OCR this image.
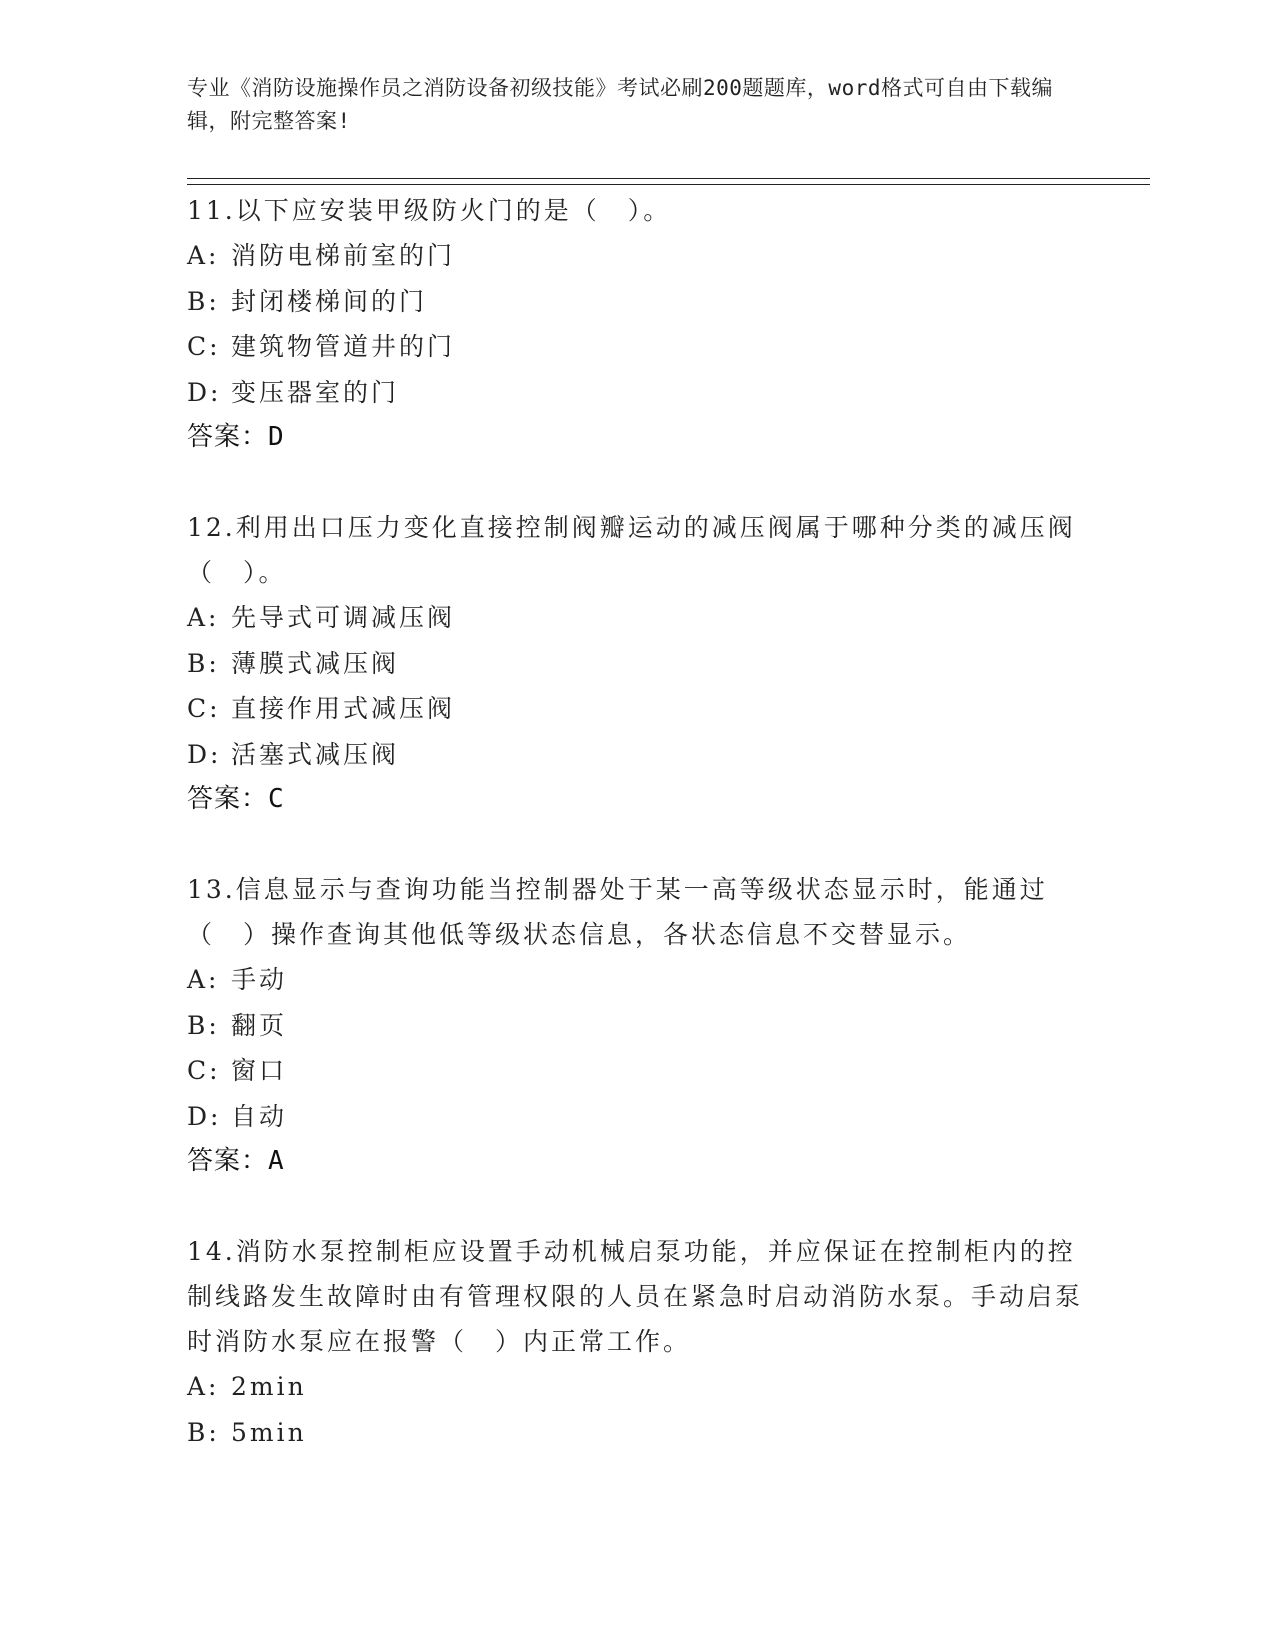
专业《消防设施操作员之消防设备初级技能》考试必刷200题题库，word格式可自由下载编辑，附完整答案!

11.以下应安装甲级防火门的是（　）。

A: 消防电梯前室的门

B: 封闭楼梯间的门

C: 建筑物管道井的门

D: 变压器室的门

答案：D

12.利用出口压力变化直接控制阀瓣运动的减压阀属于哪种分类的减压阀（　）。

A: 先导式可调减压阀

B: 薄膜式减压阀

C: 直接作用式减压阀

D: 活塞式减压阀

答案：C

13.信息显示与查询功能当控制器处于某一高等级状态显示时，能通过（　）操作查询其他低等级状态信息，各状态信息不交替显示。

A: 手动

B: 翻页

C: 窗口

D: 自动

答案：A

14.消防水泵控制柜应设置手动机械启泵功能，并应保证在控制柜内的控制线路发生故障时由有管理权限的人员在紧急时启动消防水泵。手动启泵时消防水泵应在报警（　）内正常工作。

A: 2min

B: 5min
